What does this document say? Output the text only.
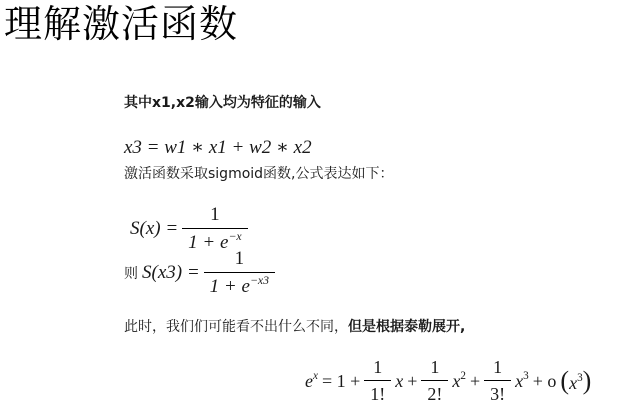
理解激活函数
其中x1,x2输入均为特征的输入
x3 = w1 ∗ x1 + w2 ∗ x2
激活函数采取sigmoid函数,公式表达如下：
$S(x) = \frac{1}{1 + e^{-x}}$
则 $S(x3) = \frac{1}{1 + e^{-x3}}$
此时，我们们可能看不出什么不同，但是根据泰勒展开,
$e^x = 1 + \frac{1}{1!}$ $x + \frac{1}{2!} x^2 + \frac{1}{3!} x^3 + o$ $(x^3)$
